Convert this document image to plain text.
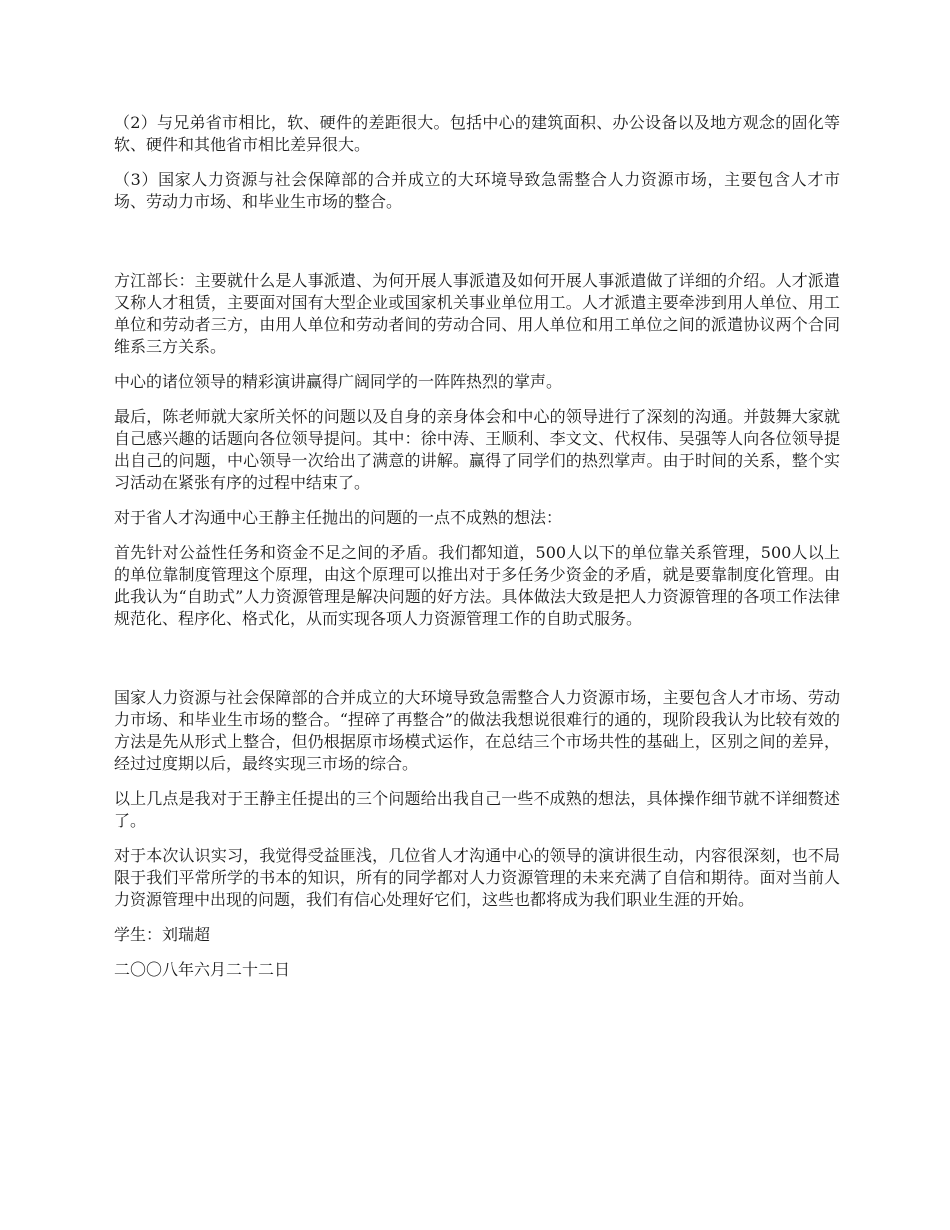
（2）与兄弟省市相比，软、硬件的差距很大。包括中心的建筑面积、办公设备以及地方观念的固化等软、硬件和其他省市相比差异很大。

（3）国家人力资源与社会保障部的合并成立的大环境导致急需整合人力资源市场，主要包含人才市场、劳动力市场、和毕业生市场的整合。

方江部长：主要就什么是人事派遣、为何开展人事派遣及如何开展人事派遣做了详细的介绍。人才派遣又称人才租赁，主要面对国有大型企业或国家机关事业单位用工。人才派遣主要牵涉到用人单位、用工单位和劳动者三方，由用人单位和劳动者间的劳动合同、用人单位和用工单位之间的派遣协议两个合同维系三方关系。

中心的诸位领导的精彩演讲赢得广阔同学的一阵阵热烈的掌声。

最后，陈老师就大家所关怀的问题以及自身的亲身体会和中心的领导进行了深刻的沟通。并鼓舞大家就自己感兴趣的话题向各位领导提问。其中：徐中涛、王顺利、李文文、代权伟、吴强等人向各位领导提出自己的问题，中心领导一次给出了满意的讲解。赢得了同学们的热烈掌声。由于时间的关系，整个实习活动在紧张有序的过程中结束了。

对于省人才沟通中心王静主任抛出的问题的一点不成熟的想法：

首先针对公益性任务和资金不足之间的矛盾。我们都知道，500人以下的单位靠关系管理，500人以上的单位靠制度管理这个原理，由这个原理可以推出对于多任务少资金的矛盾，就是要靠制度化管理。由此我认为“自助式”人力资源管理是解决问题的好方法。具体做法大致是把人力资源管理的各项工作法律规范化、程序化、格式化，从而实现各项人力资源管理工作的自助式服务。

国家人力资源与社会保障部的合并成立的大环境导致急需整合人力资源市场，主要包含人才市场、劳动力市场、和毕业生市场的整合。“捏碎了再整合”的做法我想说很难行的通的，现阶段我认为比较有效的方法是先从形式上整合，但仍根据原市场模式运作，在总结三个市场共性的基础上，区别之间的差异，经过过度期以后，最终实现三市场的综合。

以上几点是我对于王静主任提出的三个问题给出我自己一些不成熟的想法，具体操作细节就不详细赘述了。

对于本次认识实习，我觉得受益匪浅，几位省人才沟通中心的领导的演讲很生动，内容很深刻，也不局限于我们平常所学的书本的知识，所有的同学都对人力资源管理的未来充满了自信和期待。面对当前人力资源管理中出现的问题，我们有信心处理好它们，这些也都将成为我们职业生涯的开始。

学生：刘瑞超

二〇〇八年六月二十二日
